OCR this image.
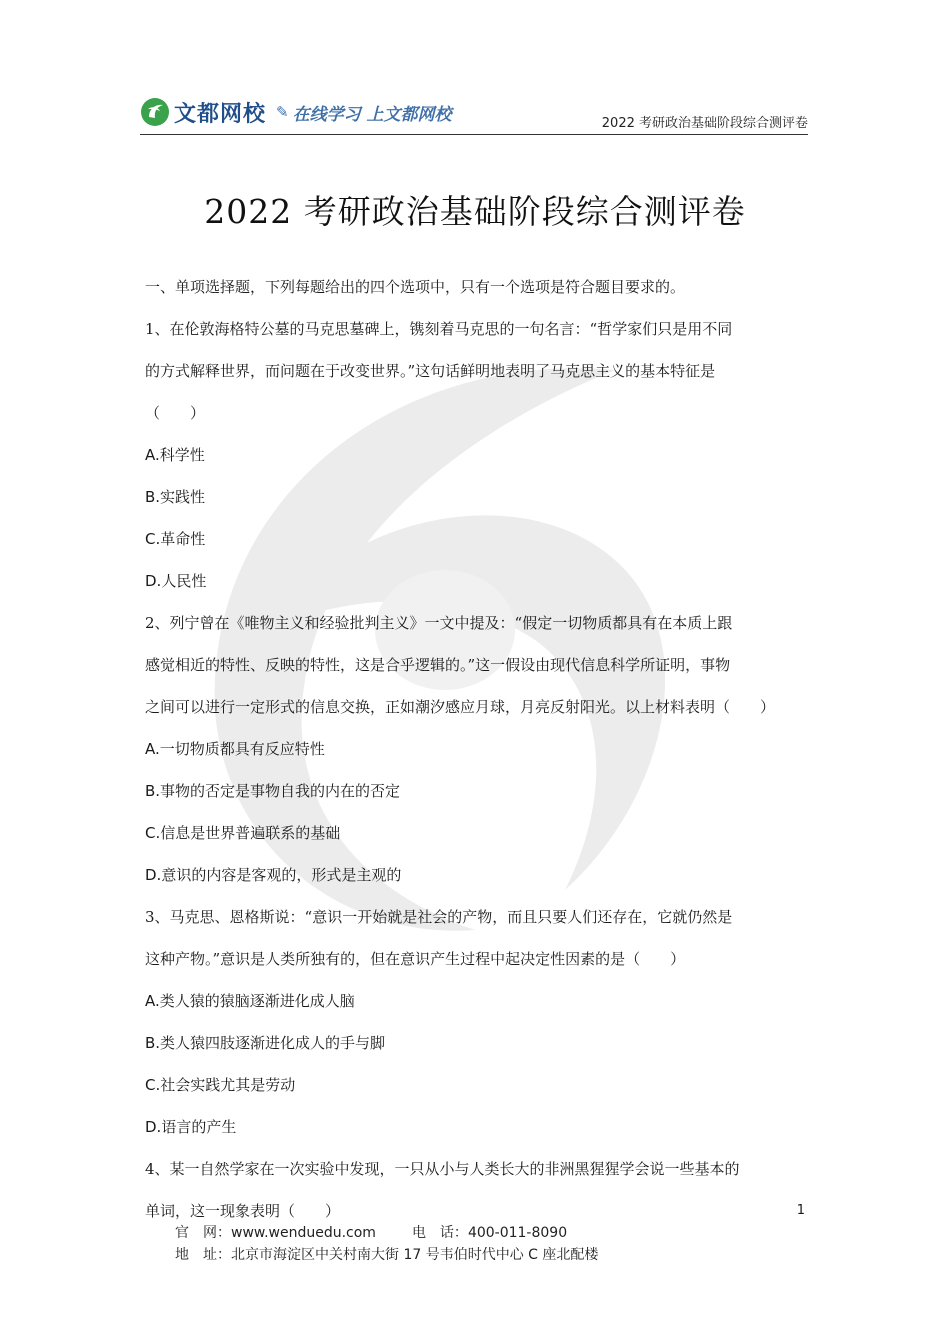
文都网校 ✎ 在线学习 上文都网校	2022 考研政治基础阶段综合测评卷
2022 考研政治基础阶段综合测评卷
一、单项选择题，下列每题给出的四个选项中，只有一个选项是符合题目要求的。
1、在伦敦海格特公墓的马克思墓碑上，镌刻着马克思的一句名言：“哲学家们只是用不同
的方式解释世界，而问题在于改变世界。”这句话鲜明地表明了马克思主义的基本特征是
（　　）
A.科学性
B.实践性
C.革命性
D.人民性
2、列宁曾在《唯物主义和经验批判主义》一文中提及：“假定一切物质都具有在本质上跟
感觉相近的特性、反映的特性，这是合乎逻辑的。”这一假设由现代信息科学所证明，事物
之间可以进行一定形式的信息交换，正如潮汐感应月球，月亮反射阳光。以上材料表明（　　）
A.一切物质都具有反应特性
B.事物的否定是事物自我的内在的否定
C.信息是世界普遍联系的基础
D.意识的内容是客观的，形式是主观的
3、马克思、恩格斯说：“意识一开始就是社会的产物，而且只要人们还存在，它就仍然是
这种产物。”意识是人类所独有的，但在意识产生过程中起决定性因素的是（　　）
A.类人猿的猿脑逐渐进化成人脑
B.类人猿四肢逐渐进化成人的手与脚
C.社会实践尤其是劳动
D.语言的产生
4、某一自然学家在一次实验中发现，一只从小与人类长大的非洲黑猩猩学会说一些基本的
单词，这一现象表明（　　）	1
官　网：www.wenduedu.com	电　话：400-011-8090
地　址：北京市海淀区中关村南大街 17 号韦伯时代中心 C 座北配楼
